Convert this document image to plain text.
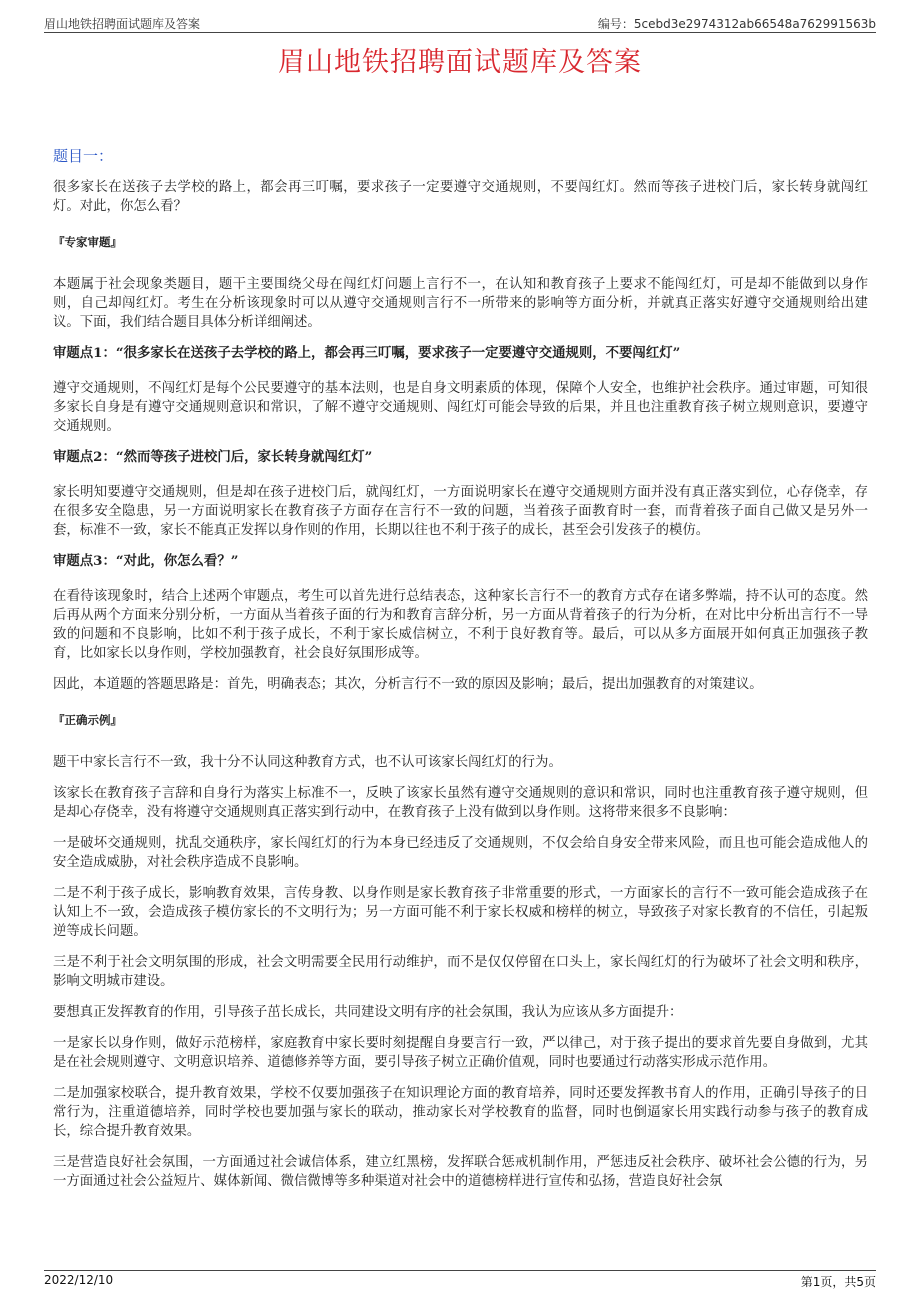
眉山地铁招聘面试题库及答案	编号：5cebd3e2974312ab66548a762991563b
眉山地铁招聘面试题库及答案
题目一：

很多家长在送孩子去学校的路上，都会再三叮嘱，要求孩子一定要遵守交通规则，不要闯红灯。然而等孩子进校门后，家长转身就闯红灯。对此，你怎么看？

『专家审题』

本题属于社会现象类题目，题干主要围绕父母在闯红灯问题上言行不一，在认知和教育孩子上要求不能闯红灯，可是却不能做到以身作则，自己却闯红灯。考生在分析该现象时可以从遵守交通规则言行不一所带来的影响等方面分析，并就真正落实好遵守交通规则给出建议。下面，我们结合题目具体分析详细阐述。

审题点1：“很多家长在送孩子去学校的路上，都会再三叮嘱，要求孩子一定要遵守交通规则，不要闯红灯”

遵守交通规则，不闯红灯是每个公民要遵守的基本法则，也是自身文明素质的体现，保障个人安全，也维护社会秩序。通过审题，可知很多家长自身是有遵守交通规则意识和常识，了解不遵守交通规则、闯红灯可能会导致的后果，并且也注重教育孩子树立规则意识，要遵守交通规则。

审题点2：“然而等孩子进校门后，家长转身就闯红灯”

家长明知要遵守交通规则，但是却在孩子进校门后，就闯红灯，一方面说明家长在遵守交通规则方面并没有真正落实到位，心存侥幸，存在很多安全隐患，另一方面说明家长在教育孩子方面存在言行不一致的问题，当着孩子面教育时一套，而背着孩子面自己做又是另外一套，标准不一致，家长不能真正发挥以身作则的作用，长期以往也不利于孩子的成长，甚至会引发孩子的模仿。

审题点3：“对此，你怎么看？”

在看待该现象时，结合上述两个审题点，考生可以首先进行总结表态，这种家长言行不一的教育方式存在诸多弊端，持不认可的态度。然后再从两个方面来分别分析，一方面从当着孩子面的行为和教育言辞分析，另一方面从背着孩子的行为分析，在对比中分析出言行不一导致的问题和不良影响，比如不利于孩子成长，不利于家长威信树立，不利于良好教育等。最后，可以从多方面展开如何真正加强孩子教育，比如家长以身作则，学校加强教育，社会良好氛围形成等。

因此，本道题的答题思路是：首先，明确表态；其次，分析言行不一致的原因及影响；最后，提出加强教育的对策建议。

『正确示例』

题干中家长言行不一致，我十分不认同这种教育方式，也不认可该家长闯红灯的行为。

该家长在教育孩子言辞和自身行为落实上标准不一，反映了该家长虽然有遵守交通规则的意识和常识，同时也注重教育孩子遵守规则，但是却心存侥幸，没有将遵守交通规则真正落实到行动中，在教育孩子上没有做到以身作则。这将带来很多不良影响：

一是破坏交通规则，扰乱交通秩序，家长闯红灯的行为本身已经违反了交通规则，不仅会给自身安全带来风险，而且也可能会造成他人的安全造成威胁，对社会秩序造成不良影响。

二是不利于孩子成长，影响教育效果，言传身教、以身作则是家长教育孩子非常重要的形式，一方面家长的言行不一致可能会造成孩子在认知上不一致，会造成孩子模仿家长的不文明行为；另一方面可能不利于家长权威和榜样的树立，导致孩子对家长教育的不信任，引起叛逆等成长问题。

三是不利于社会文明氛围的形成，社会文明需要全民用行动维护，而不是仅仅停留在口头上，家长闯红灯的行为破坏了社会文明和秩序，影响文明城市建设。

要想真正发挥教育的作用，引导孩子茁长成长，共同建设文明有序的社会氛围，我认为应该从多方面提升：

一是家长以身作则，做好示范榜样，家庭教育中家长要时刻提醒自身要言行一致，严以律己，对于孩子提出的要求首先要自身做到，尤其是在社会规则遵守、文明意识培养、道德修养等方面，要引导孩子树立正确价值观，同时也要通过行动落实形成示范作用。

二是加强家校联合，提升教育效果，学校不仅要加强孩子在知识理论方面的教育培养，同时还要发挥教书育人的作用，正确引导孩子的日常行为，注重道德培养，同时学校也要加强与家长的联动，推动家长对学校教育的监督，同时也倒逼家长用实践行动参与孩子的教育成长，综合提升教育效果。

三是营造良好社会氛围，一方面通过社会诚信体系，建立红黑榜，发挥联合惩戒机制作用，严惩违反社会秩序、破坏社会公德的行为，另一方面通过社会公益短片、媒体新闻、微信微博等多种渠道对社会中的道德榜样进行宣传和弘扬，营造良好社会氛

2022/12/10	第1页，共5页
